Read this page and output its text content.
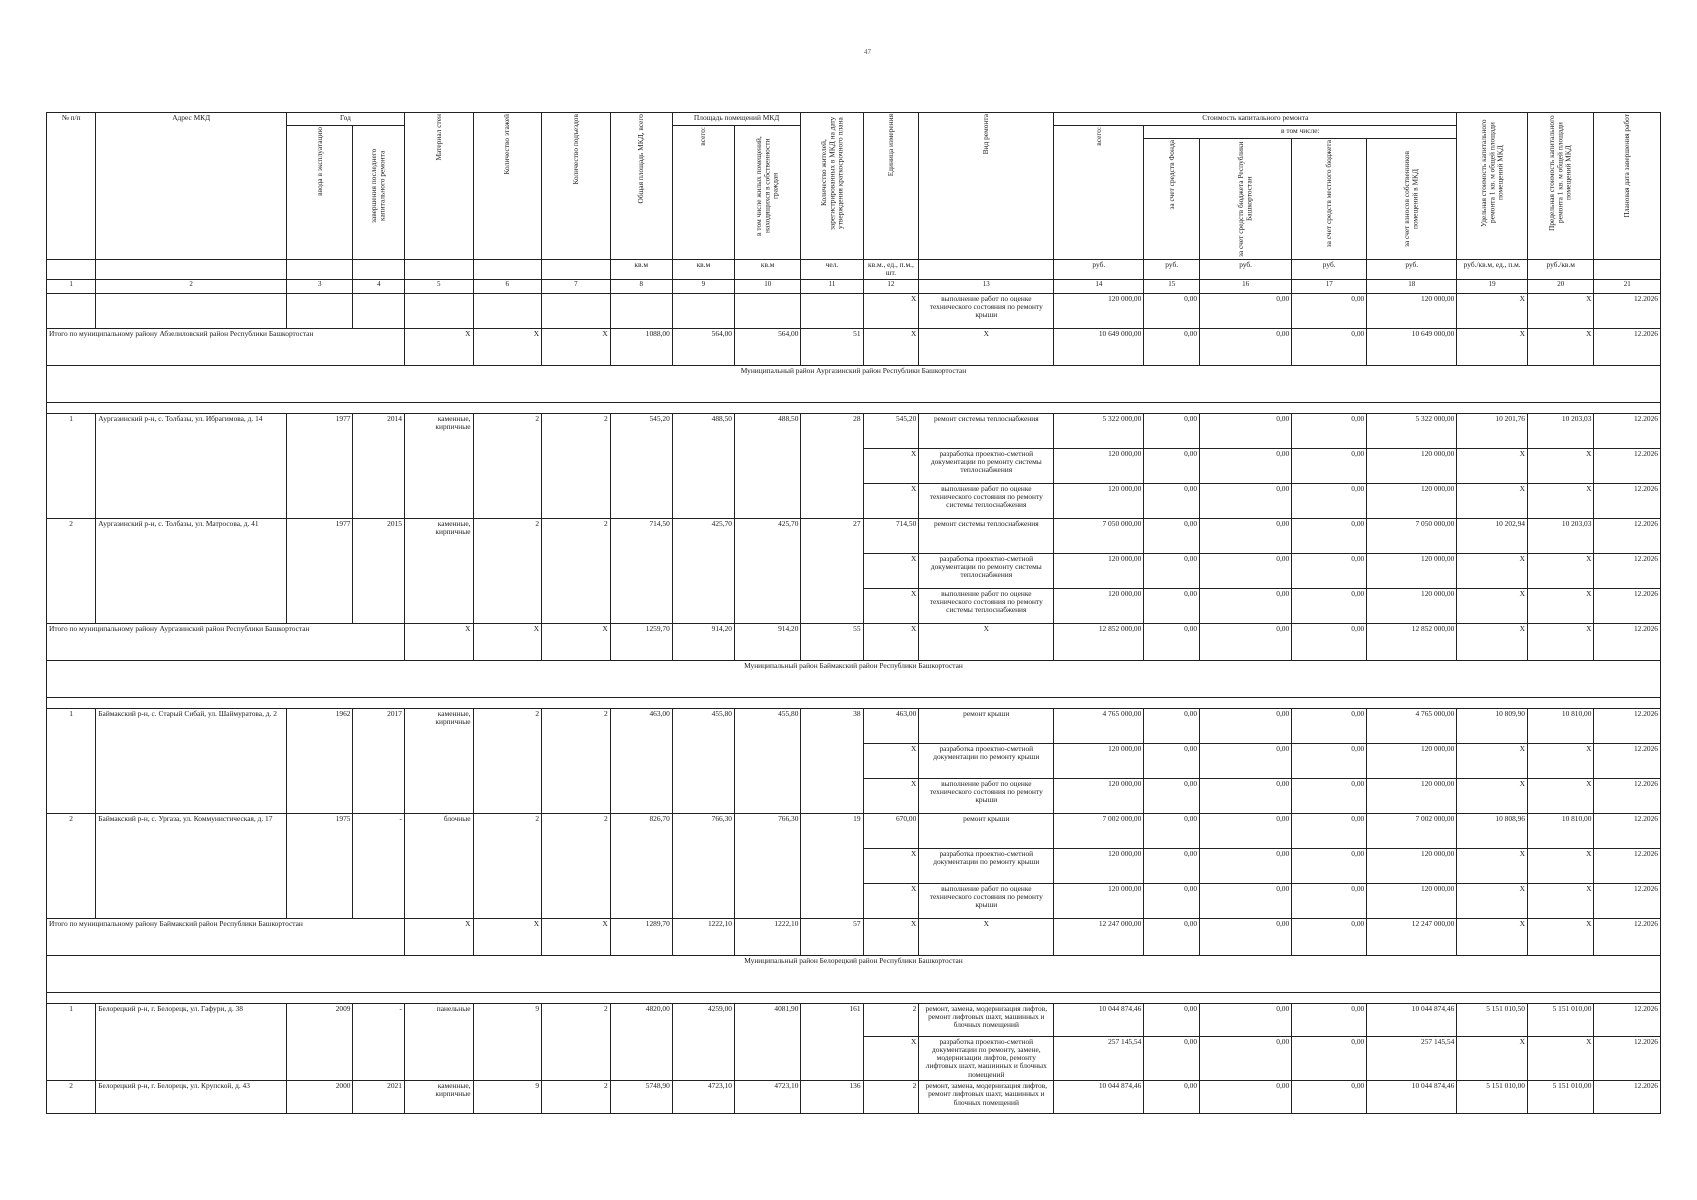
47
№ п/п	Адрес МКД	Год		Материал стен	Количество этажей	Количество подъездов	Общая площадь МКД, всего	Площадь помещений МКД		Количество жителей, зарегистрированных в МКД на дату утверждения краткосрочного плана	Единица измерения	Вид ремонта	Стоимость капитального ремонта					Удельная стоимость капитального ремонта 1 кв. м общей площади помещений МКД	Предельная стоимость капитального ремонта 1 кв. м общей площади помещений МКД	Плановая дата завершения работ

		ввода в эксплуатацию	завершения последнего капитального ремонта					всего:	в том числе жилых помещений, находящихся в собственности граждан				всего:	в том числе:						

														за счет средств Фонда	за счет средств бюджета Республики Башкортостан	за счет средств местного бюджета	за счет взносов собственников помещений в МКД			

							кв.м	кв.м	кв.м	чел.	кв.м., ед., п.м., шт.		руб.	руб.	руб.	руб.	руб.	руб./кв.м, ед., п.м.	руб./кв.м	
1	2	3	4	5	6	7	8	9	10	11	12	13	14	15	16	17	18	19	20	21
											X	выполнение работ по оценке технического состояния по ремонту крыши	120 000,00	0,00	0,00	0,00	120 000,00	X	X	12.2026
Итого по муниципальному району Абзелиловский район Республики Башкортостан				X	X	X	1088,00	564,00	564,00	51	X	X	10 649 000,00	0,00	0,00	0,00	10 649 000,00	X	X	12.2026
Муниципальный район Аургазинский район Республики Башкортостан																				

1	Аургазинский р-н, с. Толбазы, ул. Ибрагимова, д. 14	1977	2014	каменные, кирпичные	2	2	545,20	488,50	488,50	28	545,20	ремонт системы теплоснабжения	5 322 000,00	0,00	0,00	0,00	5 322 000,00	10 201,76	10 203,03	12.2026
											X	разработка проектно-сметной документации по ремонту системы теплоснабжения	120 000,00	0,00	0,00	0,00	120 000,00	X	X	12.2026
											X	выполнение работ по оценке технического состояния по ремонту системы теплоснабжения	120 000,00	0,00	0,00	0,00	120 000,00	X	X	12.2026
2	Аургазинский р-н, с. Толбазы, ул. Матросова, д. 41	1977	2015	каменные, кирпичные	2	2	714,50	425,70	425,70	27	714,50	ремонт системы теплоснабжения	7 050 000,00	0,00	0,00	0,00	7 050 000,00	10 202,94	10 203,03	12.2026
											X	разработка проектно-сметной документации по ремонту системы теплоснабжения	120 000,00	0,00	0,00	0,00	120 000,00	X	X	12.2026
											X	выполнение работ по оценке технического состояния по ремонту системы теплоснабжения	120 000,00	0,00	0,00	0,00	120 000,00	X	X	12.2026
Итого по муниципальному району Аургазинский район Республики Башкортостан				X	X	X	1259,70	914,20	914,20	55	X	X	12 852 000,00	0,00	0,00	0,00	12 852 000,00	X	X	12.2026
Муниципальный район Баймакский район Республики Башкортостан																				

1	Баймакский р-н, с. Старый Сибай, ул. Шаймуратова, д. 2	1962	2017	каменные, кирпичные	2	2	463,00	455,80	455,80	38	463,00	ремонт крыши	4 765 000,00	0,00	0,00	0,00	4 765 000,00	10 809,90	10 810,00	12.2026
											X	разработка проектно-сметной документации по ремонту крыши	120 000,00	0,00	0,00	0,00	120 000,00	X	X	12.2026
											X	выполнение работ по оценке технического состояния по ремонту крыши	120 000,00	0,00	0,00	0,00	120 000,00	X	X	12.2026
2	Баймакский р-н, с. Ургаза, ул. Коммунистическая, д. 17	1975	-	блочные	2	2	826,70	766,30	766,30	19	670,00	ремонт крыши	7 002 000,00	0,00	0,00	0,00	7 002 000,00	10 808,96	10 810,00	12.2026
											X	разработка проектно-сметной документации по ремонту крыши	120 000,00	0,00	0,00	0,00	120 000,00	X	X	12.2026
											X	выполнение работ по оценке технического состояния по ремонту крыши	120 000,00	0,00	0,00	0,00	120 000,00	X	X	12.2026
Итого по муниципальному району Баймакский район Республики Башкортостан				X	X	X	1289,70	1222,10	1222,10	57	X	X	12 247 000,00	0,00	0,00	0,00	12 247 000,00	X	X	12.2026
Муниципальный район Белорецкий район Республики Башкортостан																				

1	Белорецкий р-н, г. Белорецк, ул. Гафури, д. 38	2009	-	панельные	9	2	4820,00	4259,00	4081,90	161	2	ремонт, замена, модернизация лифтов, ремонт лифтовых шахт, машинных и блочных помещений	10 044 874,46	0,00	0,00	0,00	10 044 874,46	5 151 010,50	5 151 010,00	12.2026
											X	разработка проектно-сметной документации по ремонту, замене, модернизации лифтов, ремонту лифтовых шахт, машинных и блочных помещений	257 145,54	0,00	0,00	0,00	257 145,54	X	X	12.2026
2	Белорецкий р-н, г. Белорецк, ул. Крупской, д. 43	2000	2021	каменные, кирпичные	9	2	5748,90	4723,10	4723,10	136	2	ремонт, замена, модернизация лифтов, ремонт лифтовых шахт, машинных и блочных помещений	10 044 874,46	0,00	0,00	0,00	10 044 874,46	5 151 010,00	5 151 010,00	12.2026
